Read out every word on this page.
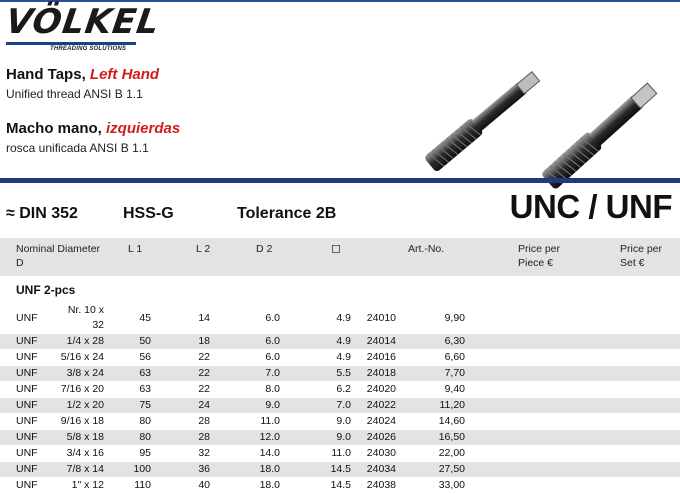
VÖLKEL
THREADING SOLUTIONS
Hand Taps, Left Hand
Unified thread ANSI B 1.1
Macho mano, izquierdas
rosca unificada ANSI B 1.1
≈ DIN 352	HSS-G	Tolerance 2B	UNC / UNF
Nominal Diameter
D
L 1	L 2	D 2	◻	Art.-No.	Price per
Piece €
Price per
Set €
UNF 2-pcs
	UNF	Nr. 10 x 32	45	14	6.0	4.9	24010	9,90		
	UNF	1/4 x 28	50	18	6.0	4.9	24014	6,30		
	UNF	5/16 x 24	56	22	6.0	4.9	24016	6,60		
	UNF	3/8 x 24	63	22	7.0	5.5	24018	7,70		
	UNF	7/16 x 20	63	22	8.0	6.2	24020	9,40		
	UNF	1/2 x 20	75	24	9.0	7.0	24022	11,20		
	UNF	9/16 x 18	80	28	11.0	9.0	24024	14,60		
	UNF	5/8 x 18	80	28	12.0	9.0	24026	16,50		
	UNF	3/4 x 16	95	32	14.0	11.0	24030	22,00		
	UNF	7/8 x 14	100	36	18.0	14.5	24034	27,50		
	UNF	1" x 12	110	40	18.0	14.5	24038	33,00		
